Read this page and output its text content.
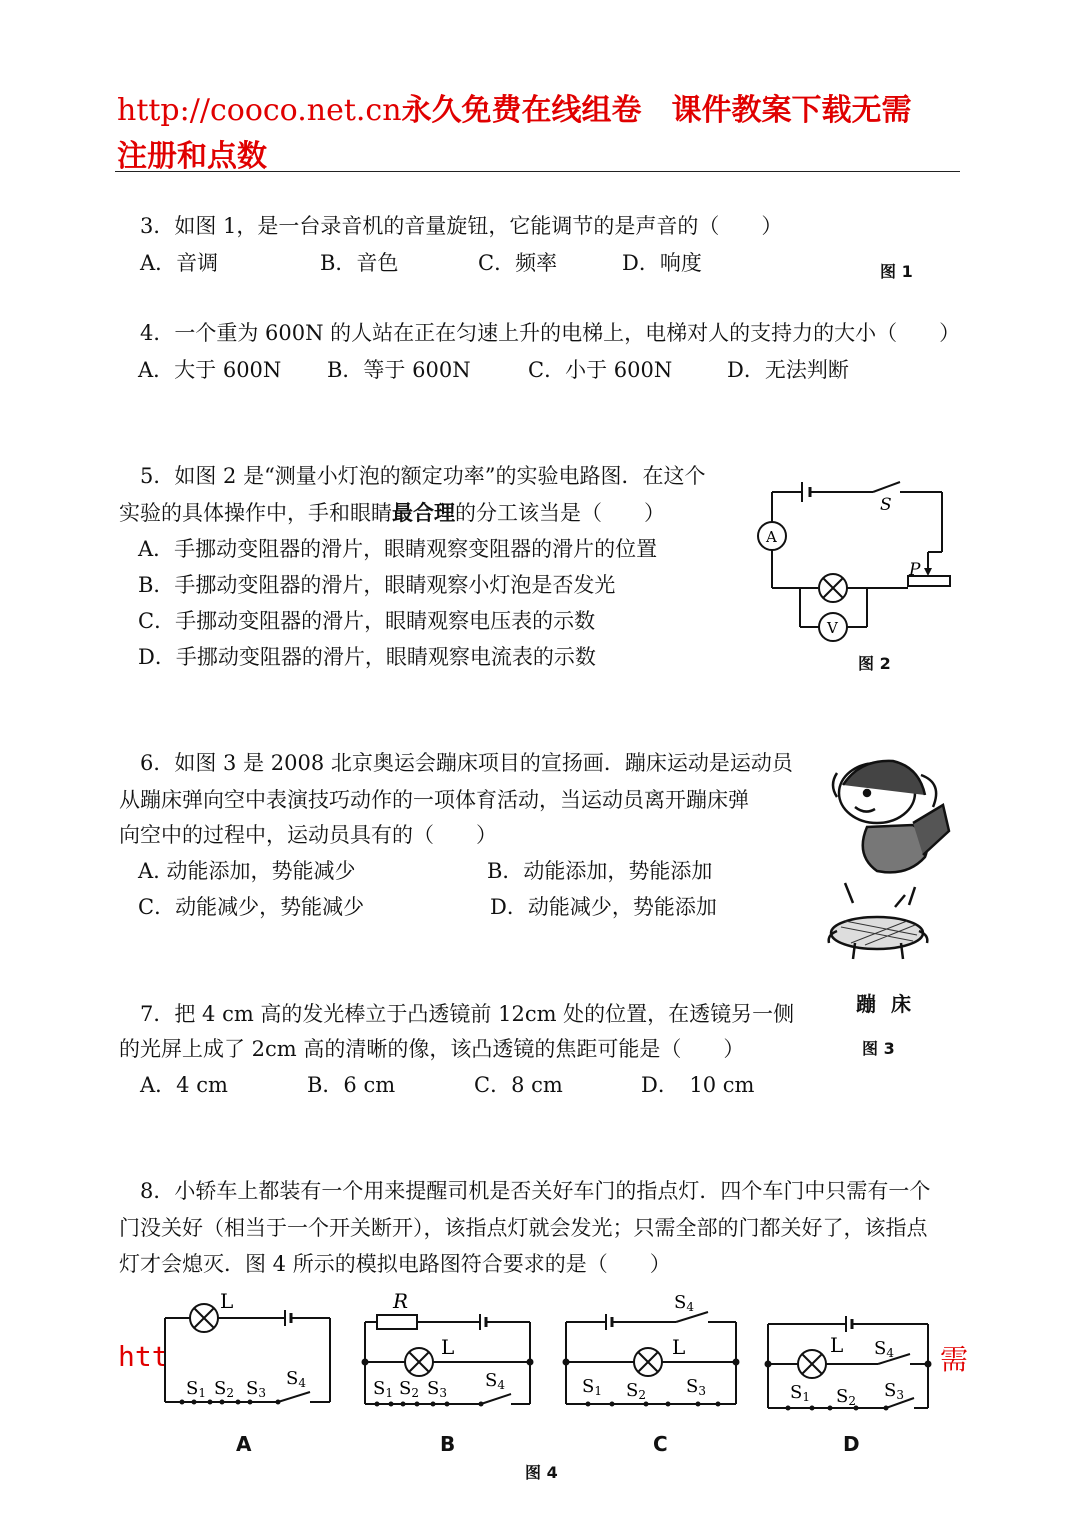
http://cooco.net.cn永久免费在线组卷　课件教案下载无需
注册和点数
3．如图 1，是一台录音机的音量旋钮，它能调节的是声音的（　　）
A．音调	B．音色	C．频率	D．响度	图 1
4．一个重为 600N 的人站在正在匀速上升的电梯上，电梯对人的支持力的大小（　　）
A．大于 600N B．等于 600N	C．小于 600N	D．无法判断
5．如图 2 是“测量小灯泡的额定功率”的实验电路图．在这个
实验的具体操作中，手和眼睛最合理的分工该当是（　　）
A．手挪动变阻器的滑片，眼睛观察变阻器的滑片的位置
B．手挪动变阻器的滑片，眼睛观察小灯泡是否发光
C．手挪动变阻器的滑片，眼睛观察电压表的示数
D．手挪动变阻器的滑片，眼睛观察电流表的示数
S
A
V
P
图 2
6．如图 3 是 2008 北京奥运会蹦床项目的宣扬画．蹦床运动是运动员
从蹦床弹向空中表演技巧动作的一项体育活动，当运动员离开蹦床弹
向空中的过程中，运动员具有的（　　）
A. 动能添加，势能减少	B．动能添加，势能添加
C．动能减少，势能减少	D．动能减少，势能添加
蹦 床
图 3
7．把 4 cm 高的发光棒立于凸透镜前 12cm 处的位置，在透镜另一侧
的光屏上成了 2cm 高的清晰的像，该凸透镜的焦距可能是（　　）
A．4 cm	B．6 cm	C．8 cm	D．　10 cm
8．小轿车上都装有一个用来提醒司机是否关好车门的指点灯．四个车门中只需有一个
门没关好（相当于一个开关断开），该指点灯就会发光；只需全部的门都关好了，该指点
灯才会熄灭．图 4 所示的模拟电路图符合要求的是（　　）
htt	需
L
S1 S2 S3
S4
R
L
S1 S2 S3
S4
S4
L
S1 S2 S3
L S4
S1 S2 S3
A	B	C	D
图 4
